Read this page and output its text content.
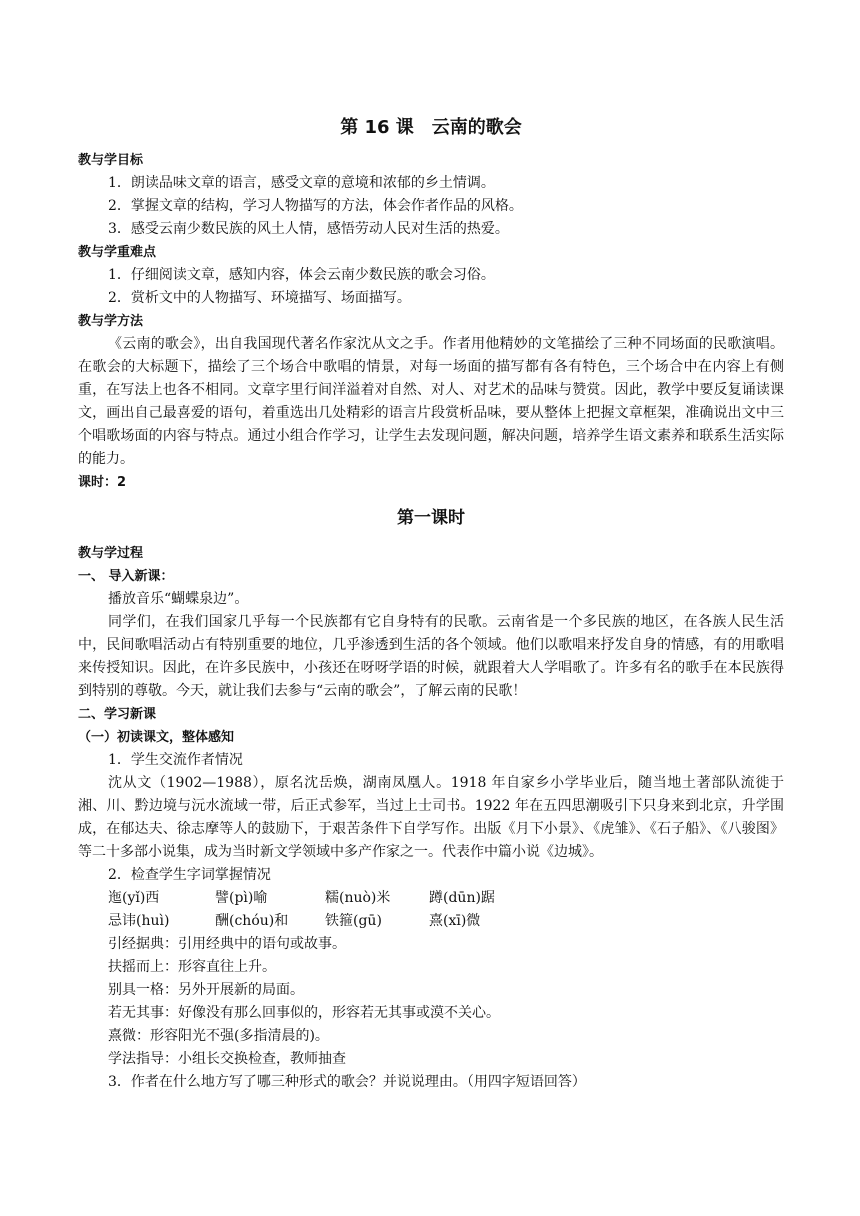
第 16 课　云南的歌会
教与学目标
1．朗读品味文章的语言，感受文章的意境和浓郁的乡土情调。
2．掌握文章的结构，学习人物描写的方法，体会作者作品的风格。
3．感受云南少数民族的风土人情，感悟劳动人民对生活的热爱。
教与学重难点
1．仔细阅读文章，感知内容，体会云南少数民族的歌会习俗。
2．赏析文中的人物描写、环境描写、场面描写。
教与学方法
《云南的歌会》，出自我国现代著名作家沈从文之手。作者用他精妙的文笔描绘了三种不同场面的民歌演唱。在歌会的大标题下，描绘了三个场合中歌唱的情景，对每一场面的描写都有各有特色，三个场合中在内容上有侧重，在写法上也各不相同。文章字里行间洋溢着对自然、对人、对艺术的品味与赞赏。因此，教学中要反复诵读课文，画出自己最喜爱的语句，着重选出几处精彩的语言片段赏析品味，要从整体上把握文章框架，准确说出文中三个唱歌场面的内容与特点。通过小组合作学习，让学生去发现问题，解决问题，培养学生语文素养和联系生活实际的能力。
课时：2
第一课时
教与学过程
一、 导入新课：
播放音乐“蝴蝶泉边”。
同学们，在我们国家几乎每一个民族都有它自身特有的民歌。云南省是一个多民族的地区，在各族人民生活中，民间歌唱活动占有特别重要的地位，几乎渗透到生活的各个领域。他们以歌唱来抒发自身的情感，有的用歌唱来传授知识。因此，在许多民族中，小孩还在呀呀学语的时候，就跟着大人学唱歌了。许多有名的歌手在本民族得到特别的尊敬。今天，就让我们去参与“云南的歌会”，了解云南的民歌！
二、学习新课
（一）初读课文，整体感知
1．学生交流作者情况
沈从文（1902—1988），原名沈岳焕，湖南凤凰人。1918 年自家乡小学毕业后，随当地土著部队流徙于湘、川、黔边境与沅水流域一带，后正式参军，当过上士司书。1922 年在五四思潮吸引下只身来到北京，升学围成，在郁达夫、徐志摩等人的鼓励下，于艰苦条件下自学写作。出版《月下小景》、《虎雏》、《石子船》、《八骏图》等二十多部小说集，成为当时新文学领域中多产作家之一。代表作中篇小说《边城》。
2．检查学生字词掌握情况
迤(yǐ)西	譬(pì)喻	糯(nuò)米	蹲(dūn)踞
忌讳(huì)	酬(chóu)和	铁箍(gū)	熹(xī)微
引经据典：引用经典中的语句或故事。
扶摇而上：形容直往上升。
别具一格：另外开展新的局面。
若无其事：好像没有那么回事似的，形容若无其事或漠不关心。
熹微：形容阳光不强(多指清晨的)。
学法指导：小组长交换检查，教师抽查
3．作者在什么地方写了哪三种形式的歌会？并说说理由。（用四字短语回答）
